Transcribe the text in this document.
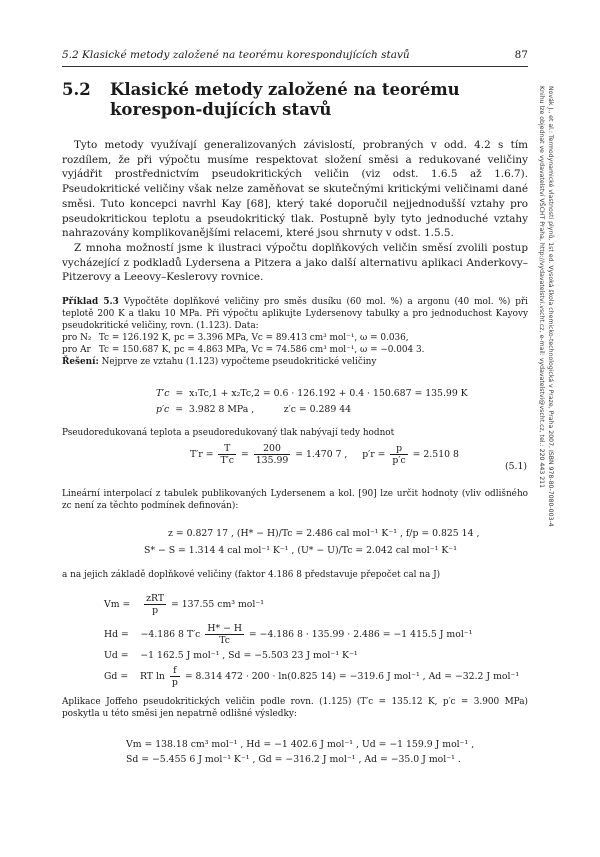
5.2 Klasické metody založené na teorému korespondujících stavů	87
5.2 Klasické metody založené na teorému korespon-dujících stavů

Tyto metody využívají generalizovaných závislostí, probraných v odd. 4.2 s tím rozdílem, že při výpočtu musíme respektovat složení směsi a redukované veličiny vyjádřit prostřednictvím pseudokritických veličin (viz odst. 1.6.5 až 1.6.7). Pseudokritické veličiny však nelze zaměňovat se skutečnými kritickými veličinami dané směsi. Tuto koncepci navrhl Kay [68], který také doporučil nejjednodušší vztahy pro pseudokritickou teplotu a pseudokritický tlak. Postupně byly tyto jednoduché vztahy nahrazovány komplikovanějšími relacemi, které jsou shrnuty v odst. 1.5.5.

Z mnoha možností jsme k ilustraci výpočtu doplňkových veličin směsí zvolili postup vycházející z podkladů Lydersena a Pitzera a jako další alternativu aplikaci Anderkovy–Pitzerovy a Leeovy–Keslerovy rovnice.

Příklad 5.3 Vypočtěte doplňkové veličiny pro směs dusíku (60 mol. %) a argonu (40 mol. %) při teplotě 200 K a tlaku 10 MPa. Při výpočtu aplikujte Lydersenovy tabulky a pro jednoduchost Kayovy pseudokritické veličiny, rovn. (1.123). Data:
pro N₂ Tc = 126.192 K, pc = 3.396 MPa, Vc = 89.413 cm³ mol⁻¹, ω = 0.036,
pro Ar Tc = 150.687 K, pc = 4.863 MPa, Vc = 74.586 cm³ mol⁻¹, ω = −0.004 3.
Řešení: Nejprve ze vztahu (1.123) vypočteme pseudokritické veličiny
T′c  =  x₁Tc,1 + x₂Tc,2 = 0.6 · 126.192 + 0.4 · 150.687 = 135.99 K
p′c  =  3.982 8 MPa ,	z′c = 0.289 44
Pseudoredukovaná teplota a pseudoredukovaný tlak nabývají tedy hodnot
$T'r = \frac{T}{T'c} = \frac{200}{135.99} = 1.470$ 7 , $p'r = \frac{p}{p'c} = 2.510$ 8
(5.1)
Lineární interpolací z tabulek publikovaných Lydersenem a kol. [90] lze určit hodnoty (vliv odlišného zc není za těchto podmínek definován):
z = 0.827 17 , (H* − H)/Tc = 2.486 cal mol⁻¹ K⁻¹ , f/p = 0.825 14 ,
S* − S = 1.314 4 cal mol⁻¹ K⁻¹ , (U* − U)/Tc = 2.042 cal mol⁻¹ K⁻¹
a na jejich základě doplňkové veličiny (faktor 4.186 8 představuje přepočet cal na J)
$Vm = \frac{\text{zRT}}{p} = 137.55$ cm³ mol⁻¹
Hd = −4.186 8 $T'c \frac{H* - H}{Tc} = -4.186$ 8 · 135.99 · 2.486 = −1 415.5 J mol⁻¹
Ud = −1 162.5 J mol⁻¹ , Sd = −5.503 23 J mol⁻¹ K⁻¹
Gd = RT $\ln \frac{f}{p} = 8.314$ 472 · 200 · ln(0.825 14) = −319.6 J mol⁻¹ , Ad = −32.2 J mol⁻¹
Aplikace Joffeho pseudokritických veličin podle rovn. (1.125) (T′c = 135.12 K, p′c = 3.900 MPa) poskytla u této směsi jen nepatrně odlišné výsledky:
Vm = 138.18 cm³ mol⁻¹ , Hd = −1 402.6 J mol⁻¹ , Ud = −1 159.9 J mol⁻¹ ,
Sd = −5.455 6 J mol⁻¹ K⁻¹ , Gd = −316.2 J mol⁻¹ , Ad = −35.0 J mol⁻¹ .
Novák J., et al.: Termodynamické vlastnosti plynů, 1st ed. Vysoká škola chemicko-technologická v Praze, Praha 2007, ISBN 978-80-7080-003-4
Knihu lze objednat ve vydavatelství VŠCHT Praha, http://vydavatelstvi.vscht.cz, e-mail: vydavatelstvi@vscht.cz, tel.: 220 443 211
